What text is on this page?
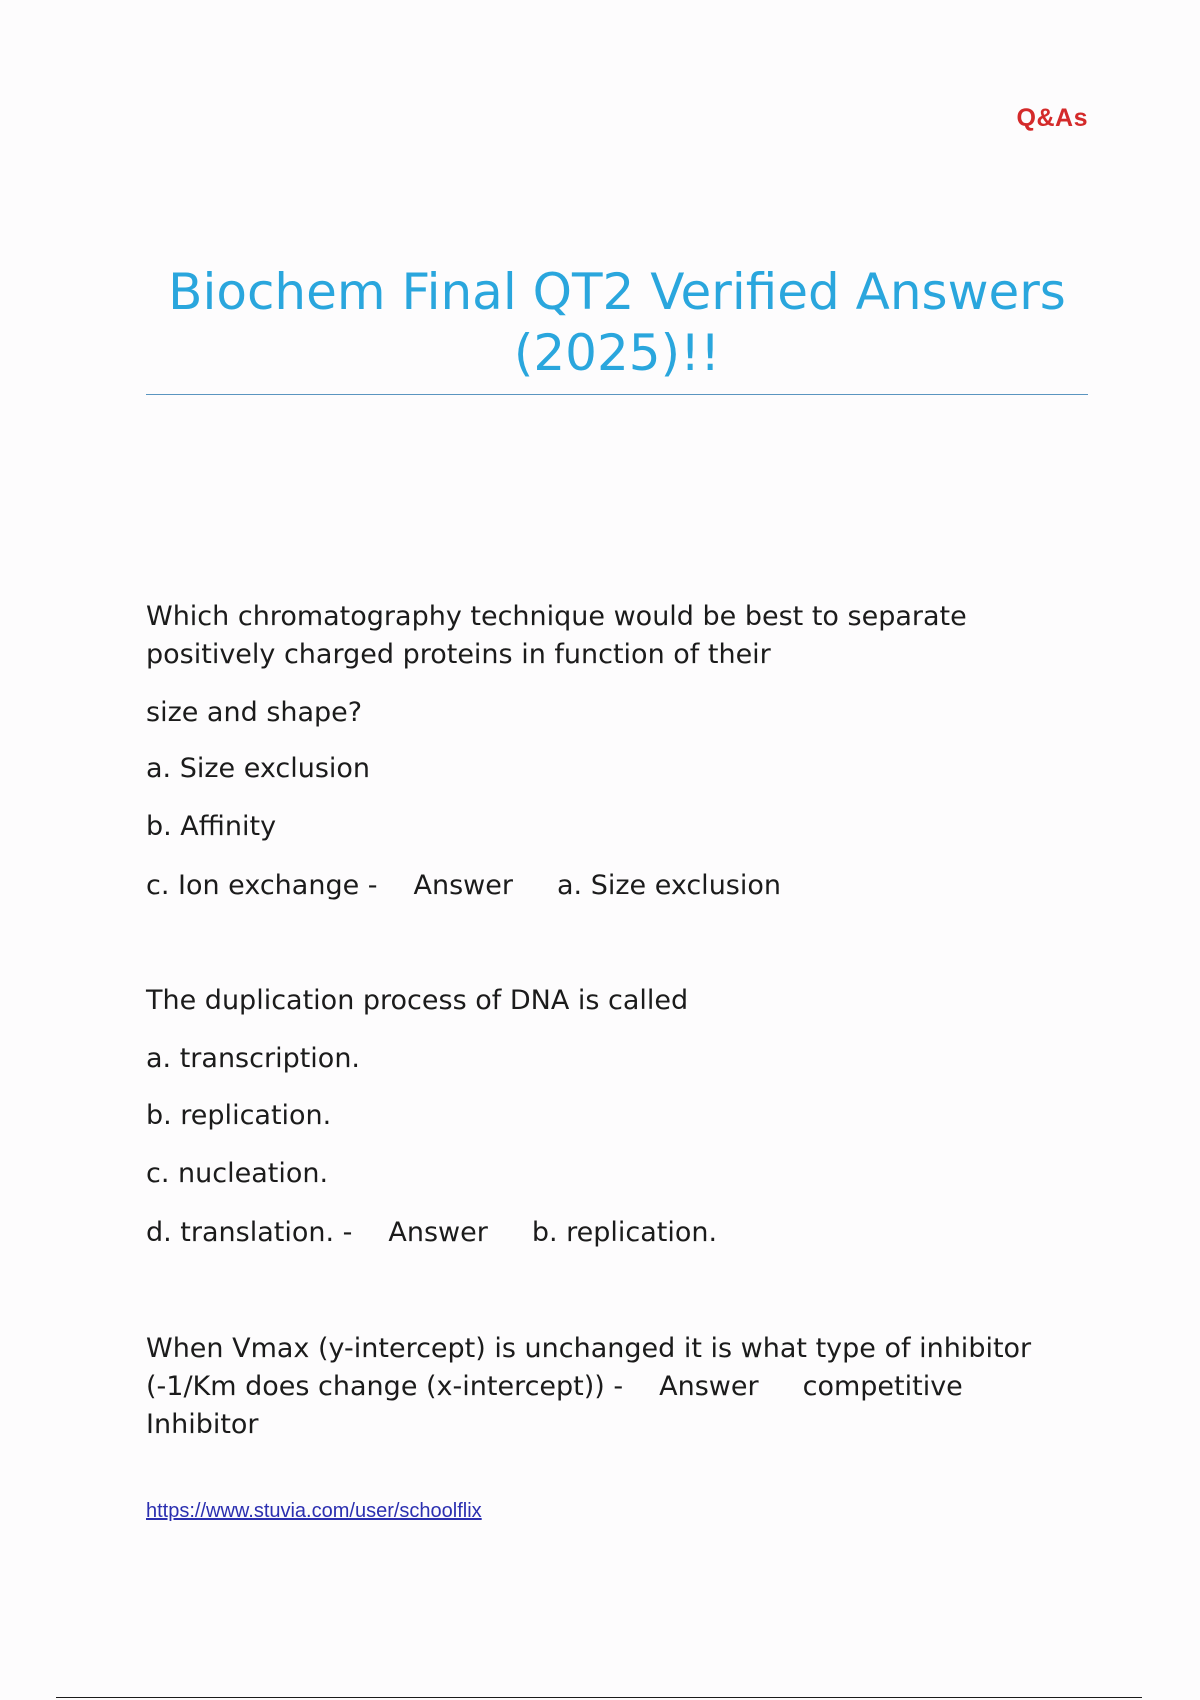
Q&As
Biochem Final QT2 Verified Answers (2025)!!
Which chromatography technique would be best to separate
positively charged proteins in function of their
size and shape?
a. Size exclusion
b. Affinity
c. Ion exchange - Answer a. Size exclusion
The duplication process of DNA is called
a. transcription.
b. replication.
c. nucleation.
d. translation. - Answer b. replication.
When Vmax (y-intercept) is unchanged it is what type of inhibitor
(-1/Km does change (x-intercept)) - Answer competitive
Inhibitor
https://www.stuvia.com/user/schoolflix
